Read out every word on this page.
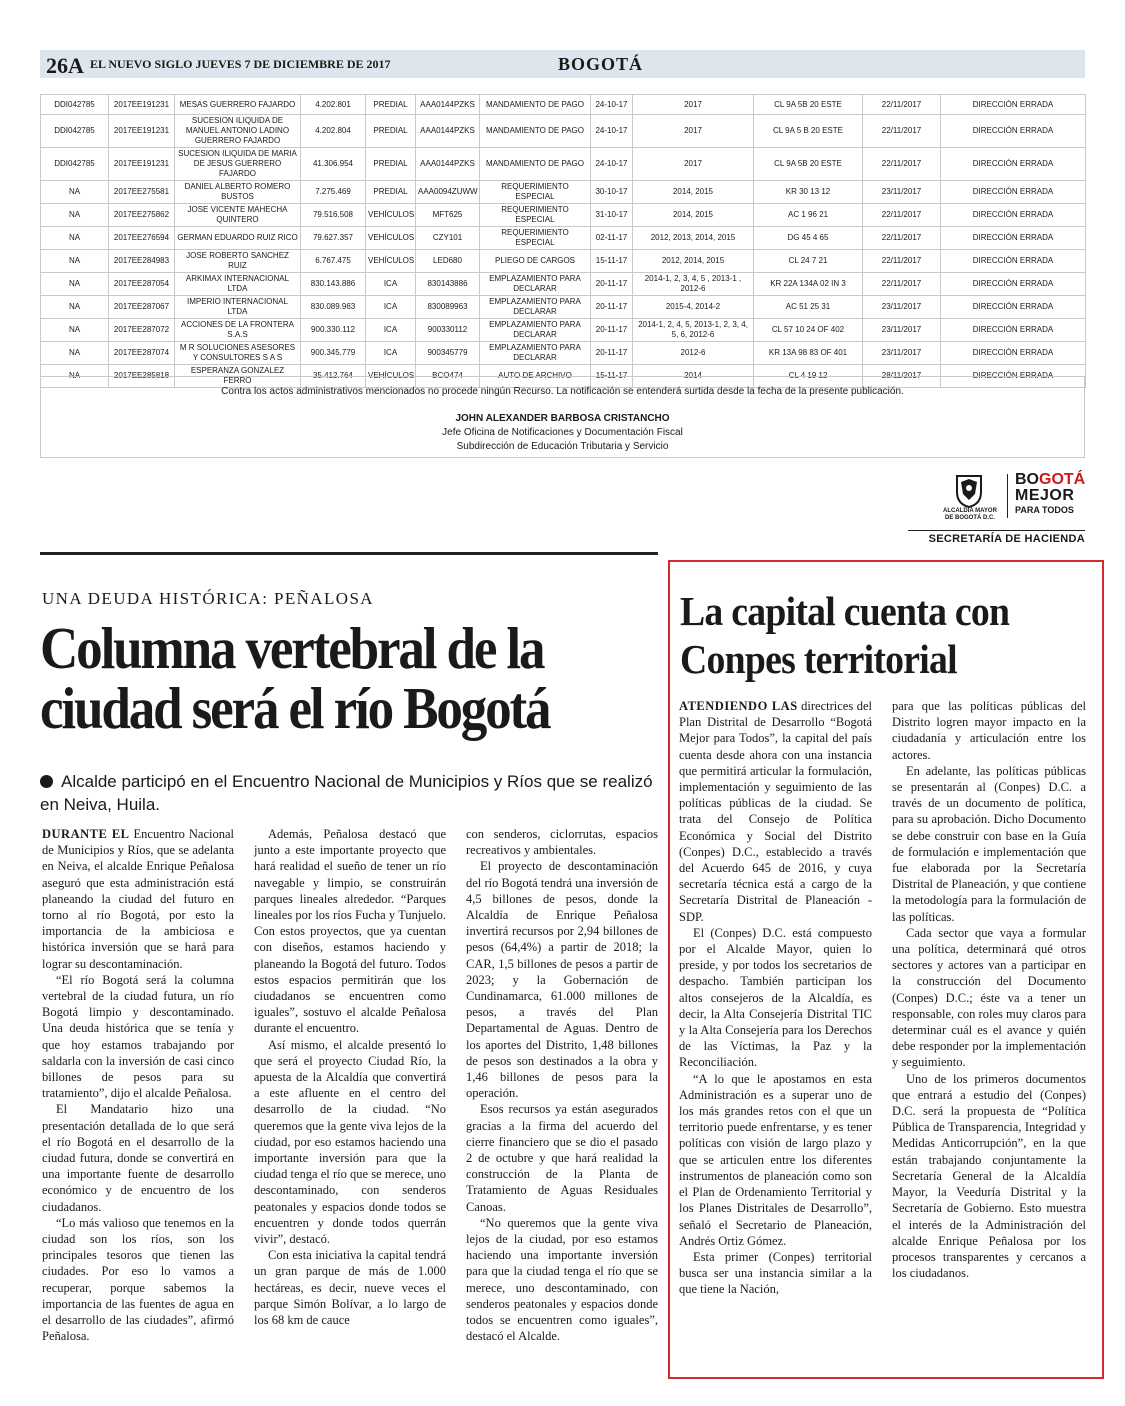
26A EL NUEVO SIGLO JUEVES 7 DE DICIEMBRE DE 2017	BOGOTÁ
DDI042785	2017EE191231	MESAS GUERRERO FAJARDO	4.202.801	PREDIAL	AAA0144PZKS	MANDAMIENTO DE PAGO	24-10-17	2017	CL 9A 5B 20 ESTE	22/11/2017	DIRECCIÓN ERRADA
DDI042785	2017EE191231	SUCESION ILIQUIDA DE MANUEL ANTONIO LADINO GUERRERO FAJARDO	4.202.804	PREDIAL	AAA0144PZKS	MANDAMIENTO DE PAGO	24-10-17	2017	CL 9A 5 B 20 ESTE	22/11/2017	DIRECCIÓN ERRADA
DDI042785	2017EE191231	SUCESION ILIQUIDA DE MARIA DE JESUS GUERRERO FAJARDO	41.306.954	PREDIAL	AAA0144PZKS	MANDAMIENTO DE PAGO	24-10-17	2017	CL 9A 5B 20 ESTE	22/11/2017	DIRECCIÓN ERRADA
NA	2017EE275581	DANIEL ALBERTO ROMERO BUSTOS	7.275.469	PREDIAL	AAA0094ZUWW	REQUERIMIENTO ESPECIAL	30-10-17	2014, 2015	KR 30 13 12	23/11/2017	DIRECCIÓN ERRADA
NA	2017EE275862	JOSE VICENTE MAHECHA QUINTERO	79.516.508	VEHÍCULOS	MFT625	REQUERIMIENTO ESPECIAL	31-10-17	2014, 2015	AC 1 96 21	22/11/2017	DIRECCIÓN ERRADA
NA	2017EE276594	GERMAN EDUARDO RUIZ RICO	79.627.357	VEHÍCULOS	CZY101	REQUERIMIENTO ESPECIAL	02-11-17	2012, 2013, 2014, 2015	DG 45 4 65	22/11/2017	DIRECCIÓN ERRADA
NA	2017EE284983	JOSE ROBERTO SANCHEZ RUIZ	6.767.475	VEHÍCULOS	LED680	PLIEGO DE CARGOS	15-11-17	2012, 2014, 2015	CL 24 7 21	22/11/2017	DIRECCIÓN ERRADA
NA	2017EE287054	ARKIMAX INTERNACIONAL LTDA	830.143.886	ICA	830143886	EMPLAZAMIENTO PARA DECLARAR	20-11-17	2014-1, 2, 3, 4, 5 , 2013-1 , 2012-6	KR 22A 134A 02 IN 3	22/11/2017	DIRECCIÓN ERRADA
NA	2017EE287067	IMPERIO INTERNACIONAL LTDA	830.089.963	ICA	830089963	EMPLAZAMIENTO PARA DECLARAR	20-11-17	2015-4, 2014-2	AC 51 25 31	23/11/2017	DIRECCIÓN ERRADA
NA	2017EE287072	ACCIONES DE LA FRONTERA S.A.S	900.330.112	ICA	900330112	EMPLAZAMIENTO PARA DECLARAR	20-11-17	2014-1, 2, 4, 5, 2013-1, 2, 3, 4, 5, 6, 2012-6	CL 57 10 24 OF 402	23/11/2017	DIRECCIÓN ERRADA
NA	2017EE287074	M R SOLUCIONES ASESORES Y CONSULTORES S A S	900.345.779	ICA	900345779	EMPLAZAMIENTO PARA DECLARAR	20-11-17	2012-6	KR 13A 98 83 OF 401	23/11/2017	DIRECCIÓN ERRADA
NA	2017EE285818	ESPERANZA GONZALEZ FERRO	35.412.764	VEHÍCULOS	BCO474	AUTO DE ARCHIVO	15-11-17	2014	CL 4 19 12	28/11/2017	DIRECCIÓN ERRADA
Contra los actos administrativos mencionados no procede ningún Recurso. La notificación se entenderá surtida desde la fecha de la presente publicación.
JOHN ALEXANDER BARBOSA CRISTANCHO
Jefe Oficina de Notificaciones y Documentación Fiscal
Subdirección de Educación Tributaria y Servicio
ALCALDÍA MAYOR
DE BOGOTÁ D.C.
BOGOTÁ
MEJOR
PARA TODOS
SECRETARÍA DE HACIENDA
UNA DEUDA HISTÓRICA: PEÑALOSA
Columna vertebral de la ciudad será el río Bogotá
Alcalde participó en el Encuentro Nacional de Municipios y Ríos que se realizó en Neiva, Huila.

DURANTE EL Encuentro Nacional de Municipios y Ríos, que se adelanta en Neiva, el alcalde Enrique Peñalosa aseguró que esta administración está planeando la ciudad del futuro en torno al río Bogotá, por esto la importancia de la ambiciosa e histórica inversión que se hará para lograr su descontaminación.

“El río Bogotá será la columna vertebral de la ciudad futura, un río Bogotá limpio y descontaminado. Una deuda histórica que se tenía y que hoy estamos trabajando por saldarla con la inversión de casi cinco billones de pesos para su tratamiento”, dijo el alcalde Peñalosa.

El Mandatario hizo una presentación detallada de lo que será el río Bogotá en el desarrollo de la ciudad futura, donde se convertirá en una importante fuente de desarrollo económico y de encuentro de los ciudadanos.

“Lo más valioso que tenemos en la ciudad son los ríos, son los principales tesoros que tienen las ciudades. Por eso lo vamos a recuperar, porque sabemos la importancia de las fuentes de agua en el desarrollo de las ciudades”, afirmó Peñalosa.

Además, Peñalosa destacó que junto a este importante proyecto que hará realidad el sueño de tener un río navegable y limpio, se construirán parques lineales alrededor. “Parques lineales por los ríos Fucha y Tunjuelo. Con estos proyectos, que ya cuentan con diseños, estamos haciendo y planeando la Bogotá del futuro. Todos estos espacios permitirán que los ciudadanos se encuentren como iguales”, sostuvo el alcalde Peñalosa durante el encuentro.

Así mismo, el alcalde presentó lo que será el proyecto Ciudad Río, la apuesta de la Alcaldía que convertirá a este afluente en el centro del desarrollo de la ciudad. “No queremos que la gente viva lejos de la ciudad, por eso estamos haciendo una importante inversión para que la ciudad tenga el río que se merece, uno descontaminado, con senderos peatonales y espacios donde todos se encuentren y donde todos querrán vivir”, destacó.

Con esta iniciativa la capital tendrá un gran parque de más de 1.000 hectáreas, es decir, nueve veces el parque Simón Bolívar, a lo largo de los 68 km de cauce

con senderos, ciclorrutas, espacios recreativos y ambientales.

El proyecto de descontaminación del río Bogotá tendrá una inversión de 4,5 billones de pesos, donde la Alcaldía de Enrique Peñalosa invertirá recursos por 2,94 billones de pesos (64,4%) a partir de 2018; la CAR, 1,5 billones de pesos a partir de 2023; y la Gobernación de Cundinamarca, 61.000 millones de pesos, a través del Plan Departamental de Aguas. Dentro de los aportes del Distrito, 1,48 billones de pesos son destinados a la obra y 1,46 billones de pesos para la operación.

Esos recursos ya están asegurados gracias a la firma del acuerdo del cierre financiero que se dio el pasado 2 de octubre y que hará realidad la construcción de la Planta de Tratamiento de Aguas Residuales Canoas.

“No queremos que la gente viva lejos de la ciudad, por eso estamos haciendo una importante inversión para que la ciudad tenga el río que se merece, uno descontaminado, con senderos peatonales y espacios donde todos se encuentren como iguales”, destacó el Alcalde.

La capital cuenta con Conpes territorial

ATENDIENDO LAS directrices del Plan Distrital de Desarrollo “Bogotá Mejor para Todos”, la capital del país cuenta desde ahora con una instancia que permitirá articular la formulación, implementación y seguimiento de las políticas públicas de la ciudad. Se trata del Consejo de Política Económica y Social del Distrito (Conpes) D.C., establecido a través del Acuerdo 645 de 2016, y cuya secretaría técnica está a cargo de la Secretaría Distrital de Planeación - SDP.

El (Conpes) D.C. está compuesto por el Alcalde Mayor, quien lo preside, y por todos los secretarios de despacho. También participan los altos consejeros de la Alcaldía, es decir, la Alta Consejería Distrital TIC y la Alta Consejería para los Derechos de las Víctimas, la Paz y la Reconciliación.

“A lo que le apostamos en esta Administración es a superar uno de los más grandes retos con el que un territorio puede enfrentarse, y es tener políticas con visión de largo plazo y que se articulen entre los diferentes instrumentos de planeación como son el Plan de Ordenamiento Territorial y los Planes Distritales de Desarrollo”, señaló el Secretario de Planeación, Andrés Ortiz Gómez.

Esta primer (Conpes) territorial busca ser una instancia similar a la que tiene la Nación,

para que las políticas públicas del Distrito logren mayor impacto en la ciudadanía y articulación entre los actores.

En adelante, las políticas públicas se presentarán al (Conpes) D.C. a través de un documento de política, para su aprobación. Dicho Documento se debe construir con base en la Guía de formulación e implementación que fue elaborada por la Secretaría Distrital de Planeación, y que contiene la metodología para la formulación de las políticas.

Cada sector que vaya a formular una política, determinará qué otros sectores y actores van a participar en la construcción del Documento (Conpes) D.C.; éste va a tener un responsable, con roles muy claros para determinar cuál es el avance y quién debe responder por la implementación y seguimiento.

Uno de los primeros documentos que entrará a estudio del (Conpes) D.C. será la propuesta de “Política Pública de Transparencia, Integridad y Medidas Anticorrupción”, en la que están trabajando conjuntamente la Secretaría General de la Alcaldía Mayor, la Veeduría Distrital y la Secretaría de Gobierno. Esto muestra el interés de la Administración del alcalde Enrique Peñalosa por los procesos transparentes y cercanos a los ciudadanos.
